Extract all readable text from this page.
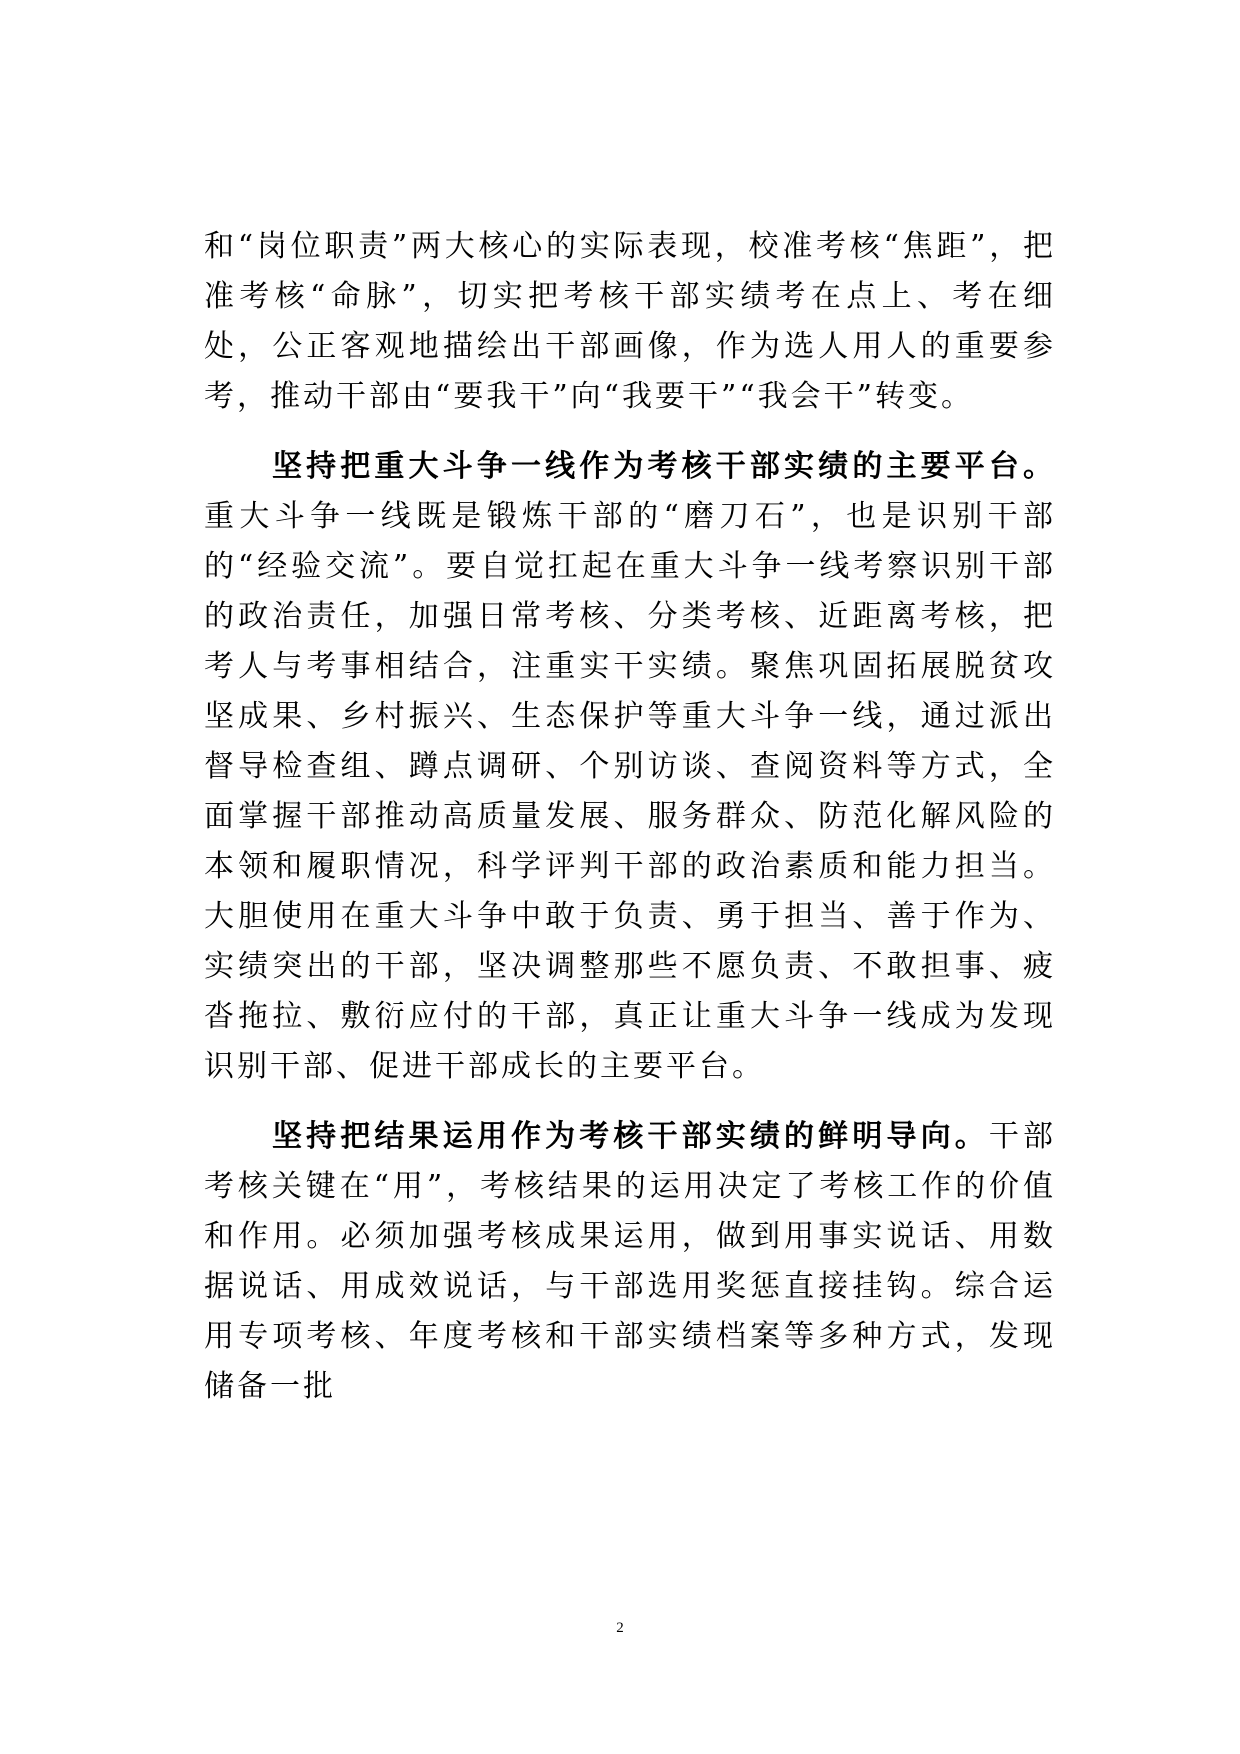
和“岗位职责”两大核心的实际表现，校准考核“焦距”，把准考核“命脉”，切实把考核干部实绩考在点上、考在细处，公正客观地描绘出干部画像，作为选人用人的重要参考，推动干部由“要我干”向“我要干”“我会干”转变。

坚持把重大斗争一线作为考核干部实绩的主要平台。重大斗争一线既是锻炼干部的“磨刀石”，也是识别干部的“经验交流”。要自觉扛起在重大斗争一线考察识别干部的政治责任，加强日常考核、分类考核、近距离考核，把考人与考事相结合，注重实干实绩。聚焦巩固拓展脱贫攻坚成果、乡村振兴、生态保护等重大斗争一线，通过派出督导检查组、蹲点调研、个别访谈、查阅资料等方式，全面掌握干部推动高质量发展、服务群众、防范化解风险的本领和履职情况，科学评判干部的政治素质和能力担当。大胆使用在重大斗争中敢于负责、勇于担当、善于作为、实绩突出的干部，坚决调整那些不愿负责、不敢担事、疲沓拖拉、敷衍应付的干部，真正让重大斗争一线成为发现识别干部、促进干部成长的主要平台。

坚持把结果运用作为考核干部实绩的鲜明导向。干部考核关键在“用”，考核结果的运用决定了考核工作的价值和作用。必须加强考核成果运用，做到用事实说话、用数据说话、用成效说话，与干部选用奖惩直接挂钩。综合运用专项考核、年度考核和干部实绩档案等多种方式，发现储备一批

2
